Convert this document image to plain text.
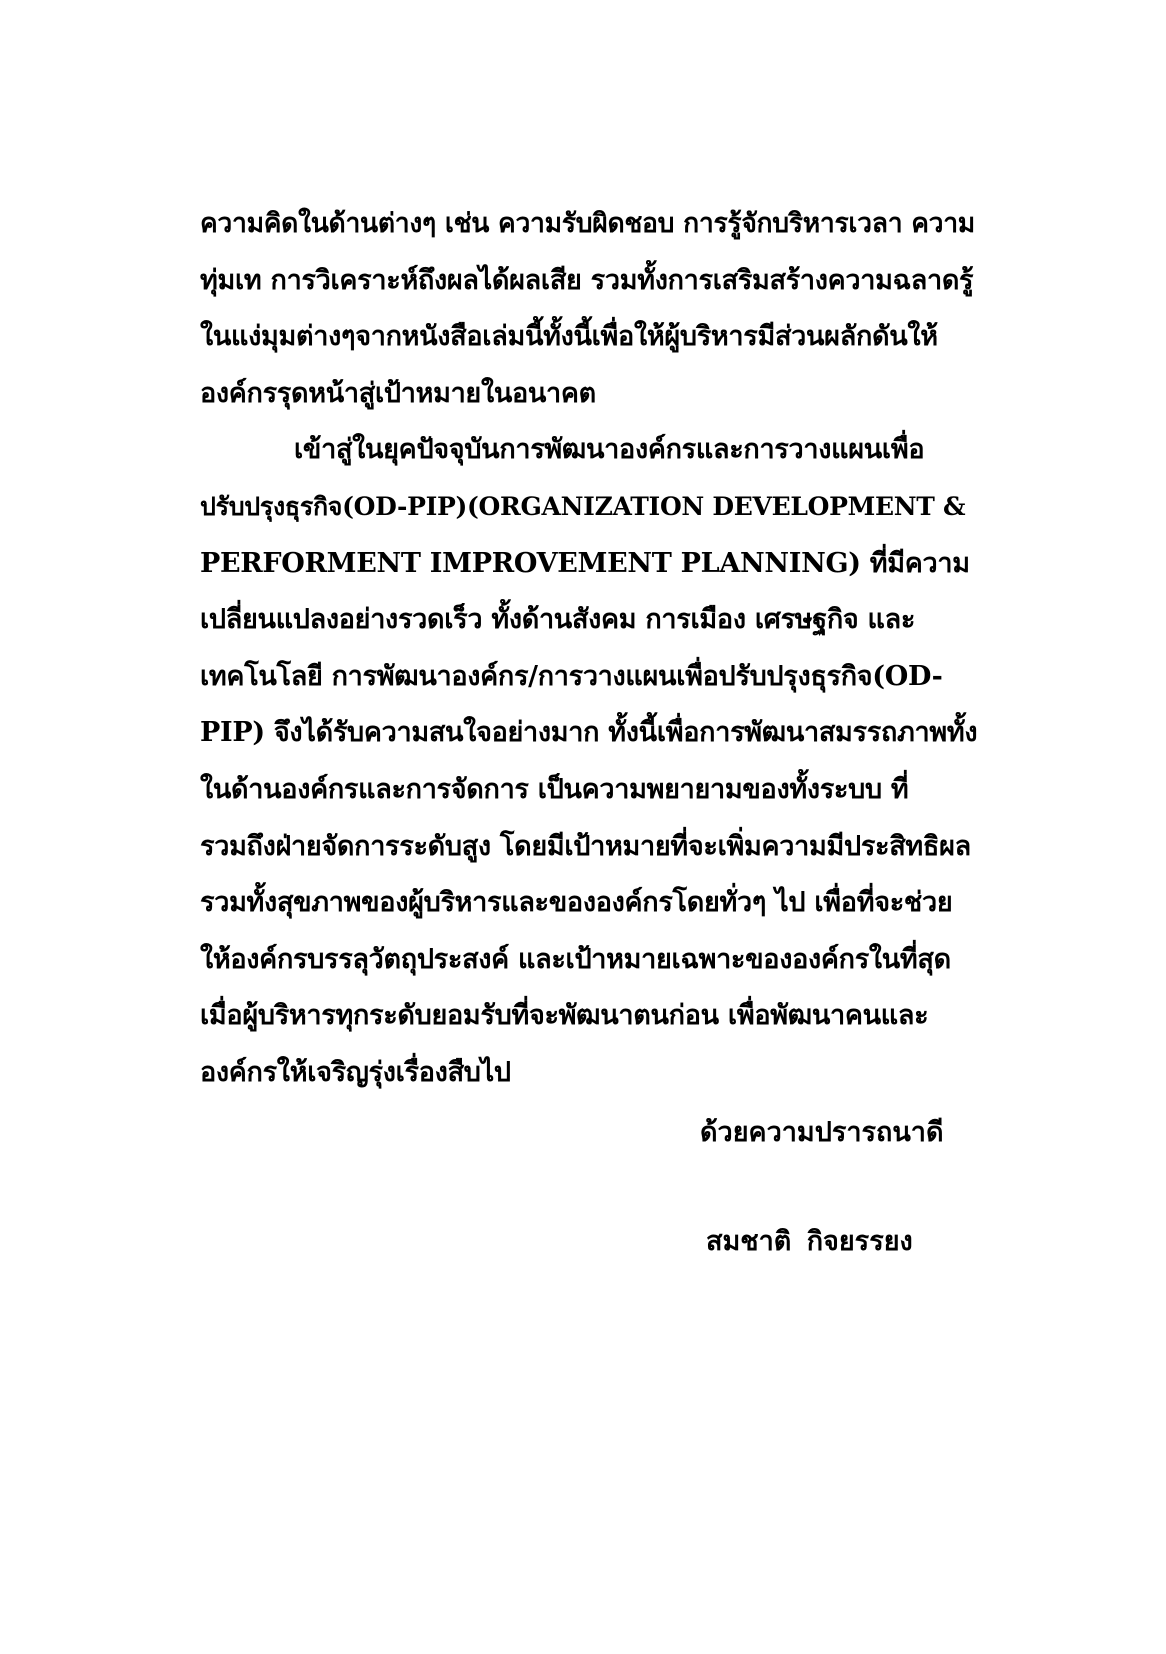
ความคิดในด้านต่างๆ เช่น ความรับผิดชอบ การรู้จักบริหารเวลา ความ
ทุ่มเท การวิเคราะห์ถึงผลได้ผลเสีย รวมทั้งการเสริมสร้างความฉลาดรู้
ในแง่มุมต่างๆจากหนังสือเล่มนี้ทั้งนี้เพื่อให้ผู้บริหารมีส่วนผลักดันให้
องค์กรรุดหน้าสู่เป้าหมายในอนาคต
เข้าสู่ในยุคปัจจุบันการพัฒนาองค์กรและการวางแผนเพื่อ
ปรับปรุงธุรกิจ(OD-PIP)(ORGANIZATION DEVELOPMENT &
PERFORMENT IMPROVEMENT PLANNING) ที่มีความ
เปลี่ยนแปลงอย่างรวดเร็ว ทั้งด้านสังคม การเมือง เศรษฐกิจ และ
เทคโนโลยี การพัฒนาองค์กร/การวางแผนเพื่อปรับปรุงธุรกิจ(OD-
PIP) จึงได้รับความสนใจอย่างมาก ทั้งนี้เพื่อการพัฒนาสมรรถภาพทั้ง
ในด้านองค์กรและการจัดการ เป็นความพยายามของทั้งระบบ ที่
รวมถึงฝ่ายจัดการระดับสูง โดยมีเป้าหมายที่จะเพิ่มความมีประสิทธิผล
รวมทั้งสุขภาพของผู้บริหารและขององค์กรโดยทั่วๆ ไป เพื่อที่จะช่วย
ให้องค์กรบรรลุวัตถุประสงค์ และเป้าหมายเฉพาะขององค์กรในที่สุด
เมื่อผู้บริหารทุกระดับยอมรับที่จะพัฒนาตนก่อน เพื่อพัฒนาคนและ
องค์กรให้เจริญรุ่งเรื่องสืบไป
ด้วยความปรารถนาดี
สมชาติ กิจยรรยง
